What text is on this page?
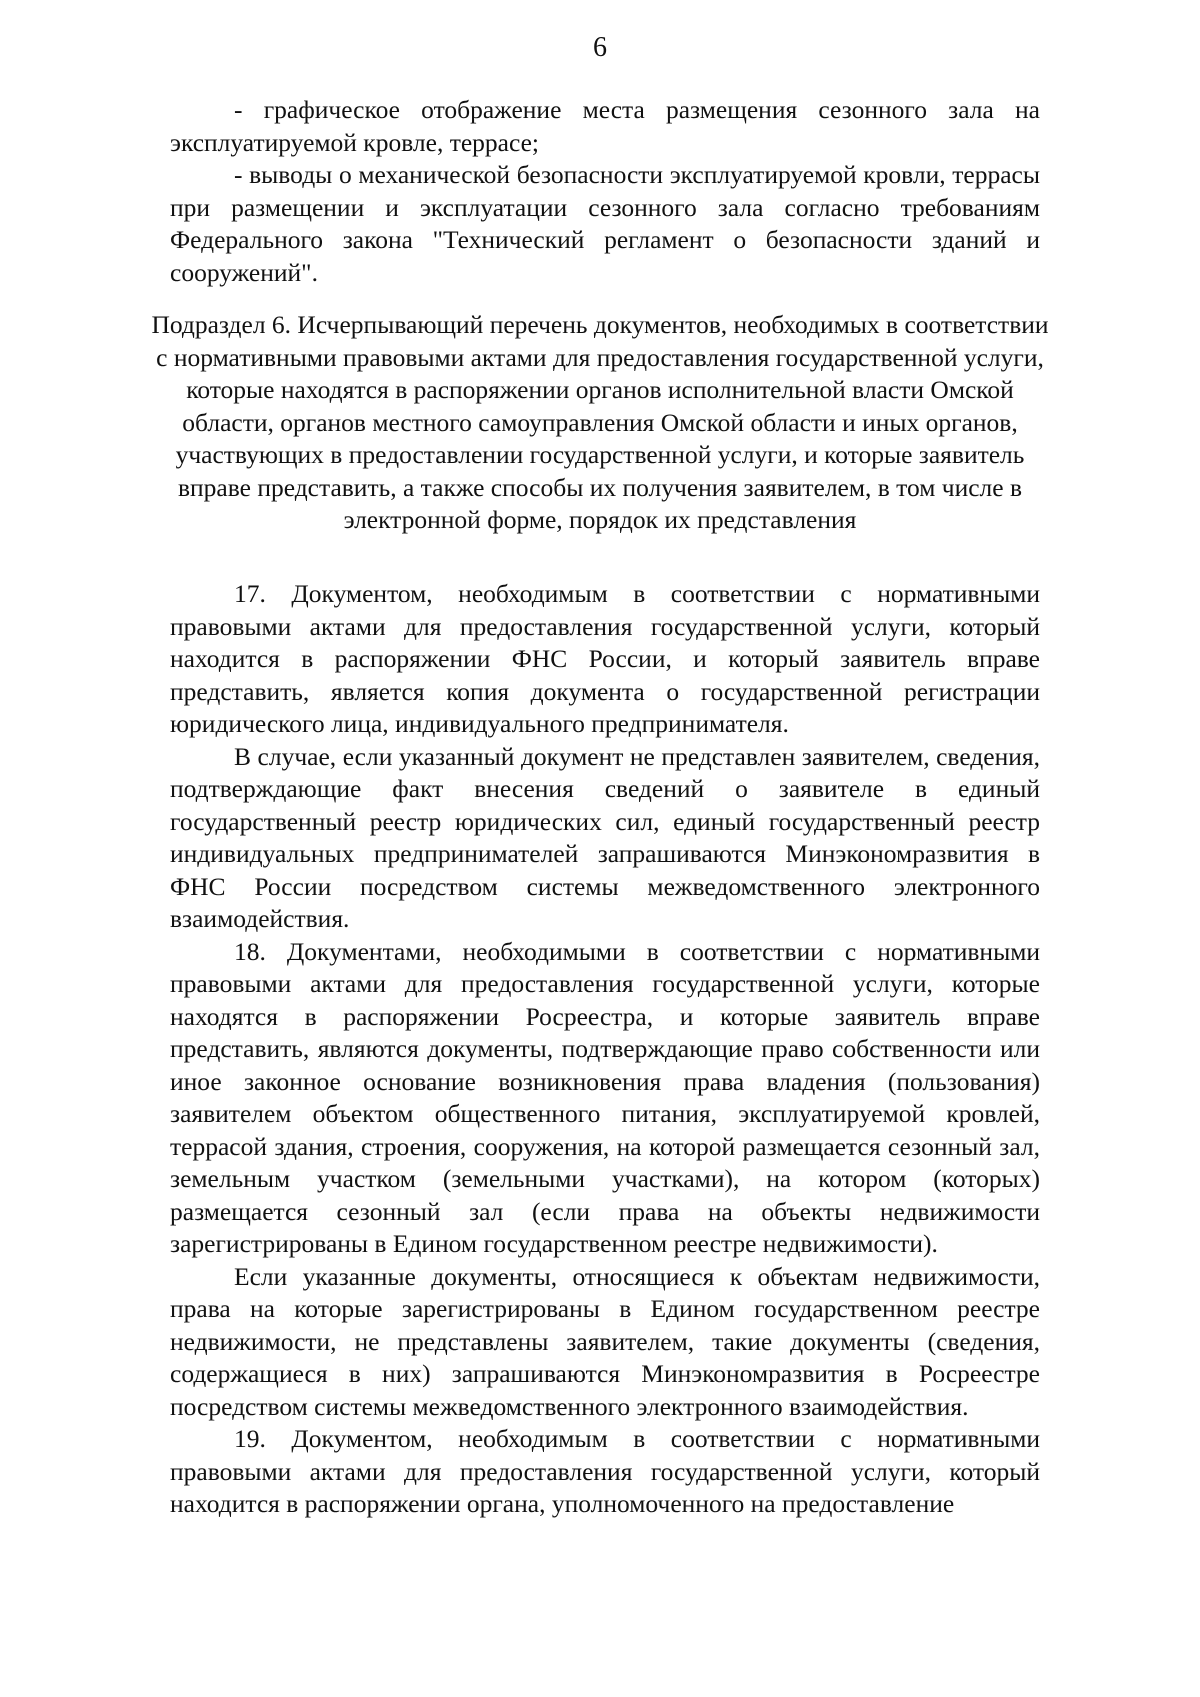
6

- графическое отображение места размещения сезонного зала на эксплуатируемой кровле, террасе;

- выводы о механической безопасности эксплуатируемой кровли, террасы при размещении и эксплуатации сезонного зала согласно требованиям Федерального закона "Технический регламент о безопасности зданий и сооружений".

Подраздел 6. Исчерпывающий перечень документов, необходимых в соответствии с нормативными правовыми актами для предоставления государственной услуги, которые находятся в распоряжении органов исполнительной власти Омской области, органов местного самоуправления Омской области и иных органов, участвующих в предоставлении государственной услуги, и которые заявитель вправе представить, а также способы их получения заявителем, в том числе в электронной форме, порядок их представления

17. Документом, необходимым в соответствии с нормативными правовыми актами для предоставления государственной услуги, который находится в распоряжении ФНС России, и который заявитель вправе представить, является копия документа о государственной регистрации юридического лица, индивидуального предпринимателя.

В случае, если указанный документ не представлен заявителем, сведения, подтверждающие факт внесения сведений о заявителе в единый государственный реестр юридических сил, единый государственный реестр индивидуальных предпринимателей запрашиваются Минэкономразвития в ФНС России посредством системы межведомственного электронного взаимодействия.

18. Документами, необходимыми в соответствии с нормативными правовыми актами для предоставления государственной услуги, которые находятся в распоряжении Росреестра, и которые заявитель вправе представить, являются документы, подтверждающие право собственности или иное законное основание возникновения права владения (пользования) заявителем объектом общественного питания, эксплуатируемой кровлей, террасой здания, строения, сооружения, на которой размещается сезонный зал, земельным участком (земельными участками), на котором (которых) размещается сезонный зал (если права на объекты недвижимости зарегистрированы в Едином государственном реестре недвижимости).

Если указанные документы, относящиеся к объектам недвижимости, права на которые зарегистрированы в Едином государственном реестре недвижимости, не представлены заявителем, такие документы (сведения, содержащиеся в них) запрашиваются Минэкономразвития в Росреестре посредством системы межведомственного электронного взаимодействия.

19. Документом, необходимым в соответствии с нормативными правовыми актами для предоставления государственной услуги, который находится в распоряжении органа, уполномоченного на предоставление
